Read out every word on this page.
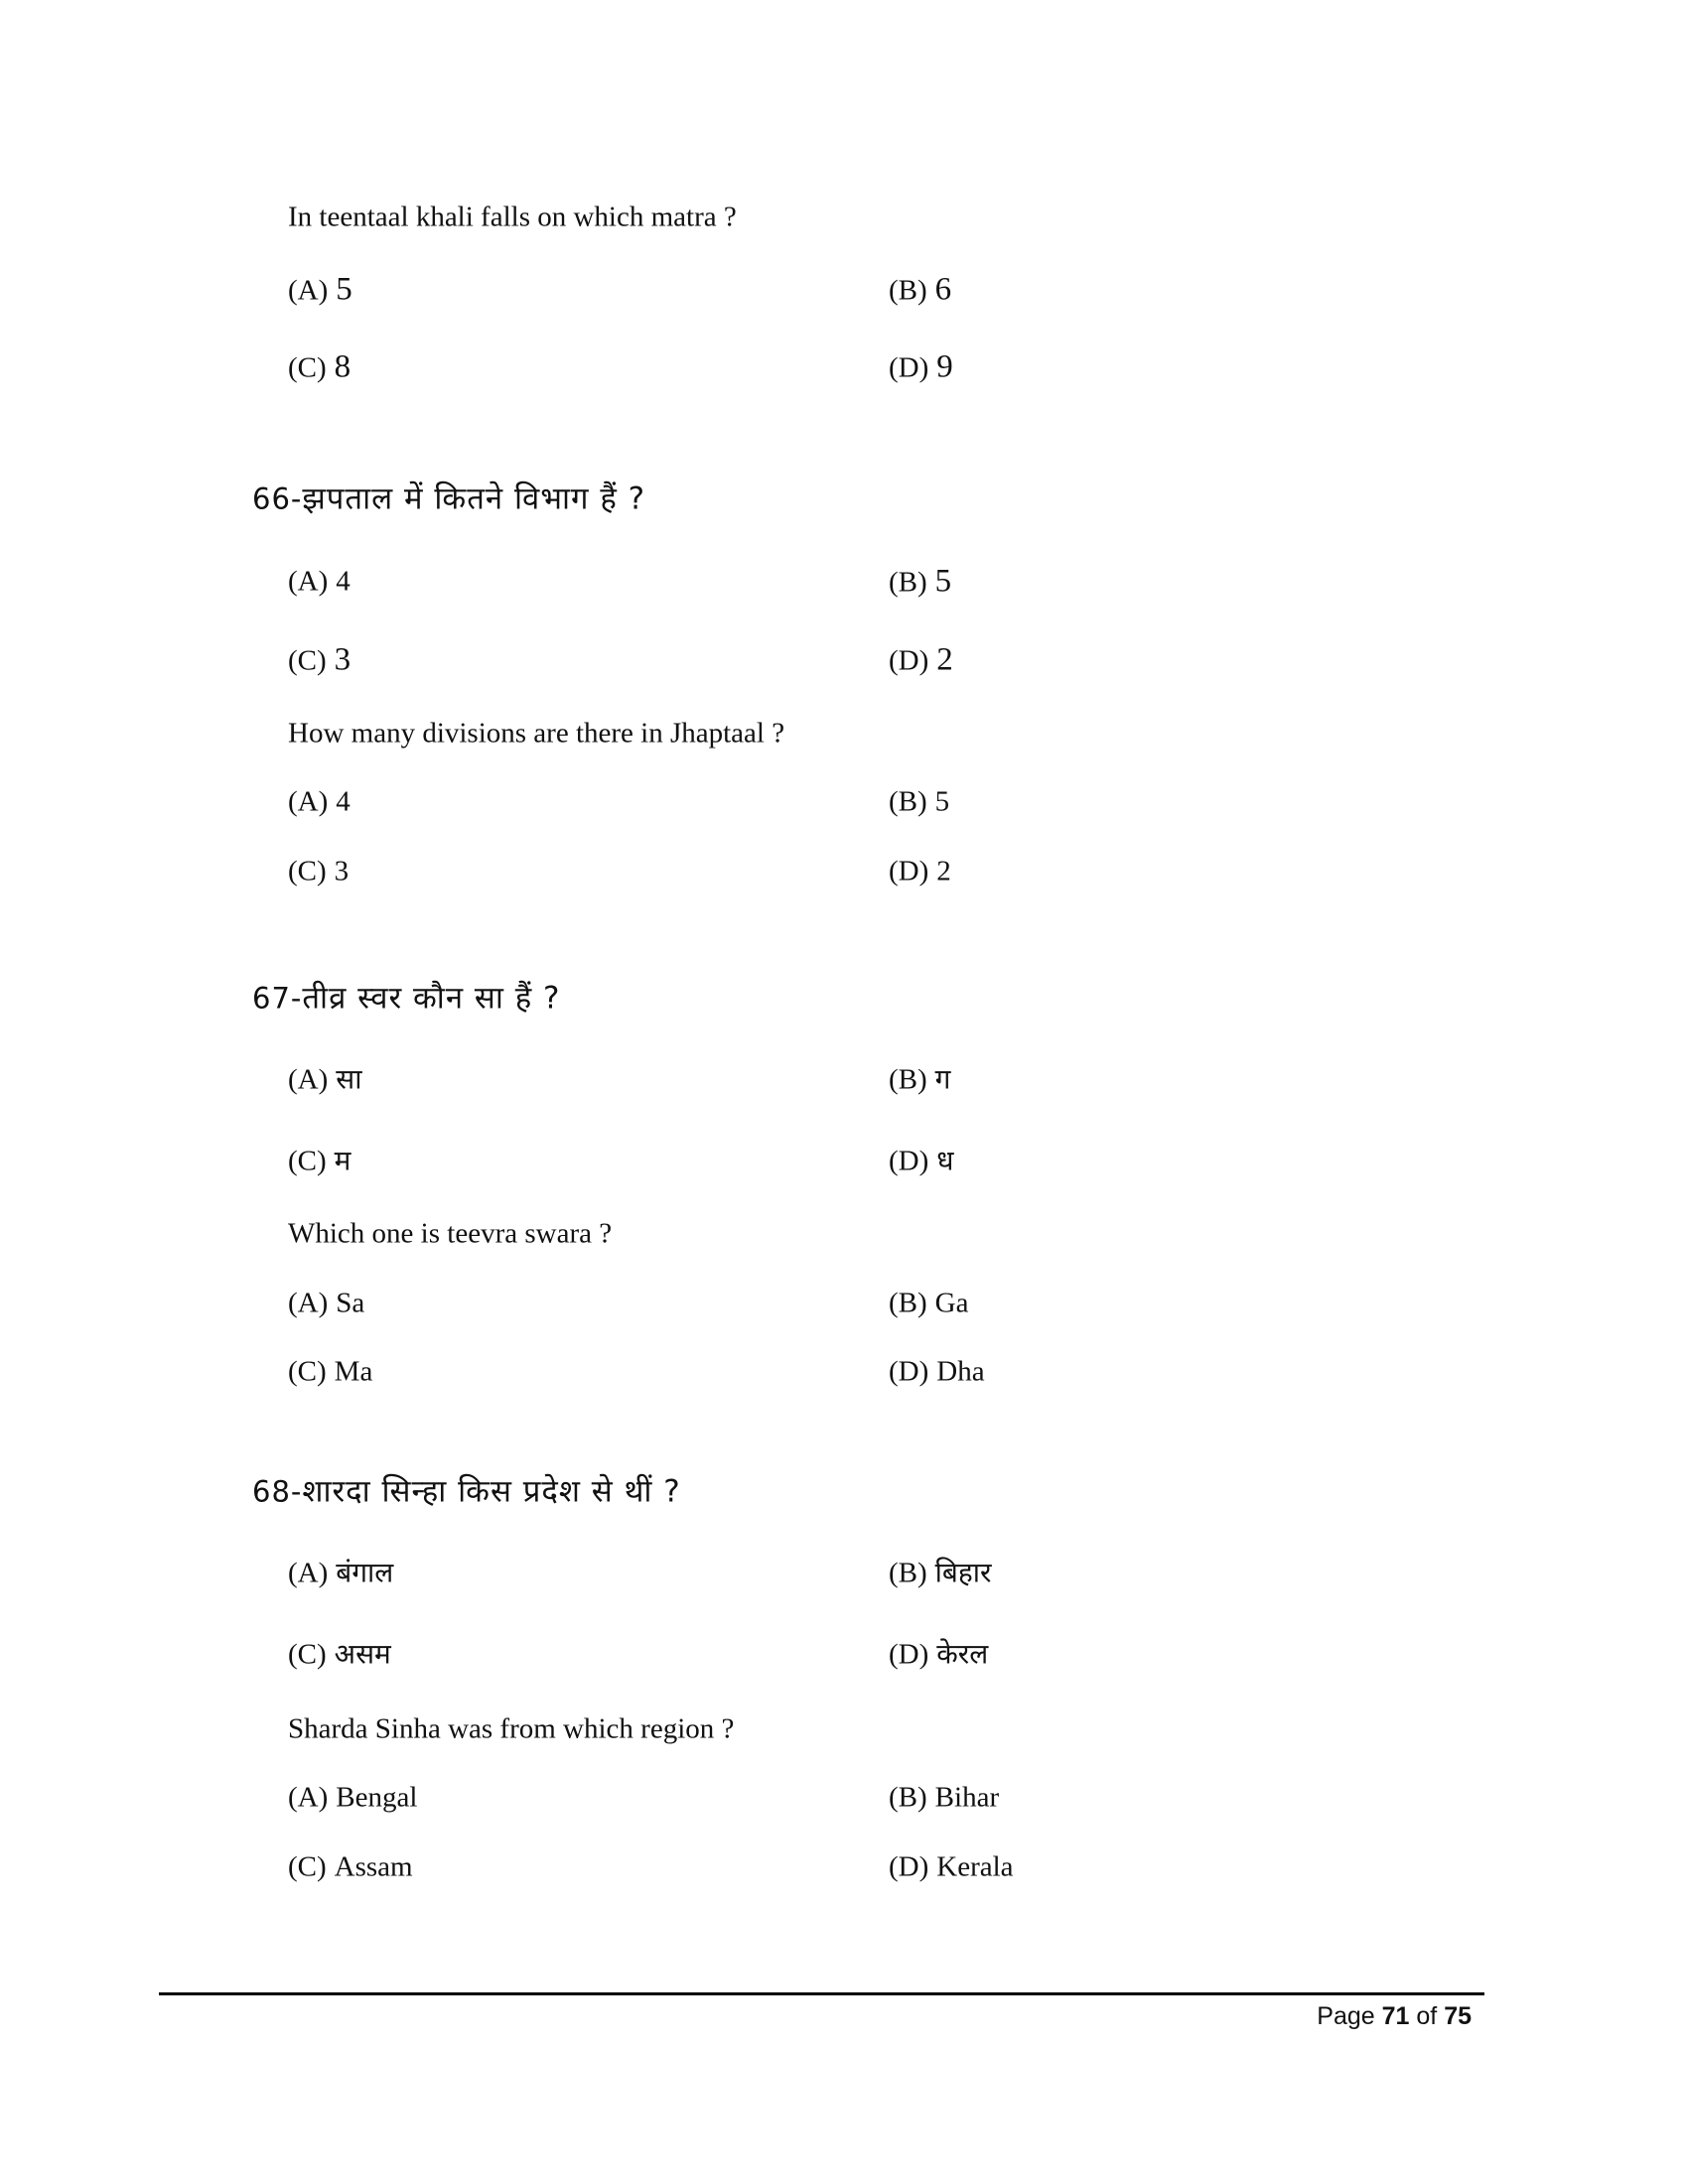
In teentaal khali falls on which matra ?
(A) 5	(B) 6
(C) 8	(D) 9
66-झपताल में कितने विभाग हैं ?
(A) 4	(B) 5
(C) 3	(D) 2
How many divisions are there in Jhaptaal ?
(A) 4	(B) 5
(C) 3	(D) 2
67-तीव्र स्वर कौन सा हैं ?
(A) सा	(B) ग
(C) म	(D) ध
Which one is teevra swara ?
(A) Sa	(B) Ga
(C) Ma	(D) Dha
68-शारदा सिन्हा किस प्रदेश से थीं ?
(A) बंगाल	(B) बिहार
(C) असम	(D) केरल
Sharda Sinha was from which region ?
(A) Bengal	(B) Bihar
(C) Assam	(D) Kerala
Page 71 of 75
